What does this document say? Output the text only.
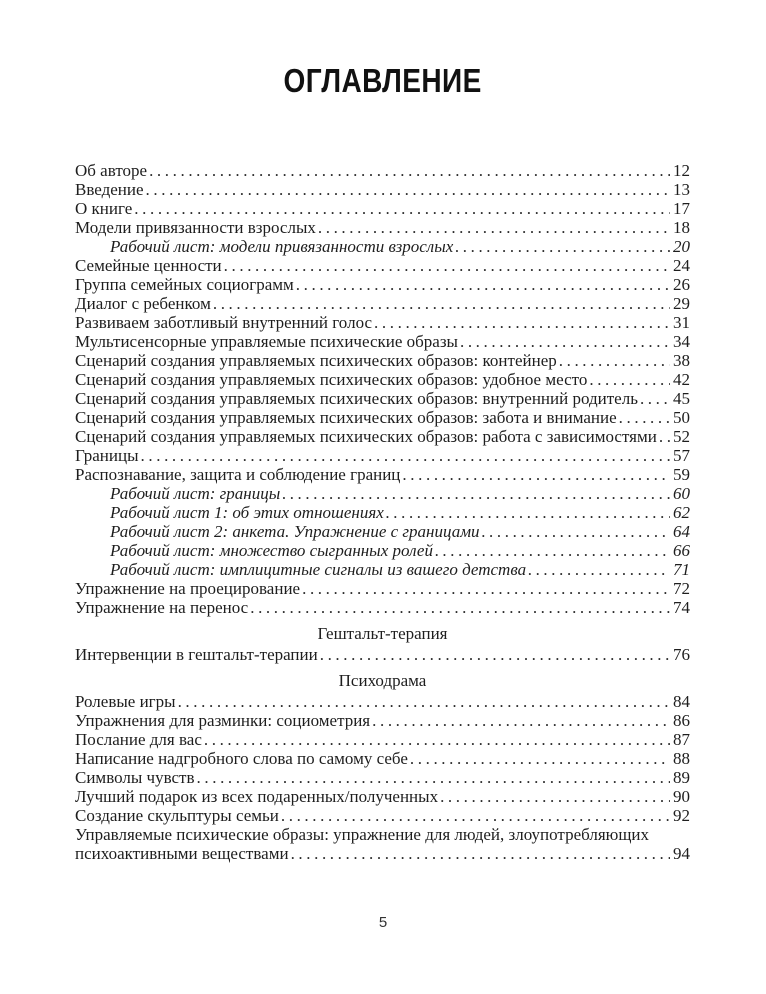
ОГЛАВЛЕНИЕ
Об авторе .....	12
Введение .....	13
О книге .....	17
Модели привязанности взрослых .....	18
Рабочий лист: модели привязанности взрослых .....	20
Семейные ценности .....	24
Группа семейных социограмм .....	26
Диалог с ребенком .....	29
Развиваем заботливый внутренний голос .....	31
Мультисенсорные управляемые психические образы .....	34
Сценарий создания управляемых психических образов: контейнер .....	38
Сценарий создания управляемых психических образов: удобное место .....	42
Сценарий создания управляемых психических образов: внутренний родитель ..... 45
Сценарий создания управляемых психических образов: забота и внимание .....	50
Сценарий создания управляемых психических образов: работа с зависимостями ..... 52
Границы .....	57
Распознавание, защита и соблюдение границ .....	59
Рабочий лист: границы .....	60
Рабочий лист 1: об этих отношениях .....	62
Рабочий лист 2: анкета. Упражнение с границами .....	64
Рабочий лист: множество сыгранных ролей .....	66
Рабочий лист: имплицитные сигналы из вашего детства .....	71
Упражнение на проецирование .....	72
Упражнение на перенос .....	74
Гештальт-терапия
Интервенции в гештальт-терапии .....	76
Психодрама
Ролевые игры .....	84
Упражнения для разминки: социометрия .....	86
Послание для вас .....	87
Написание надгробного слова по самому себе .....	88
Символы чувств .....	89
Лучший подарок из всех подаренных/полученных .....	90
Создание скульптуры семьи .....	92
Управляемые психические образы: упражнение для людей, злоупотребляющих
психоактивными веществами .....	94
5
